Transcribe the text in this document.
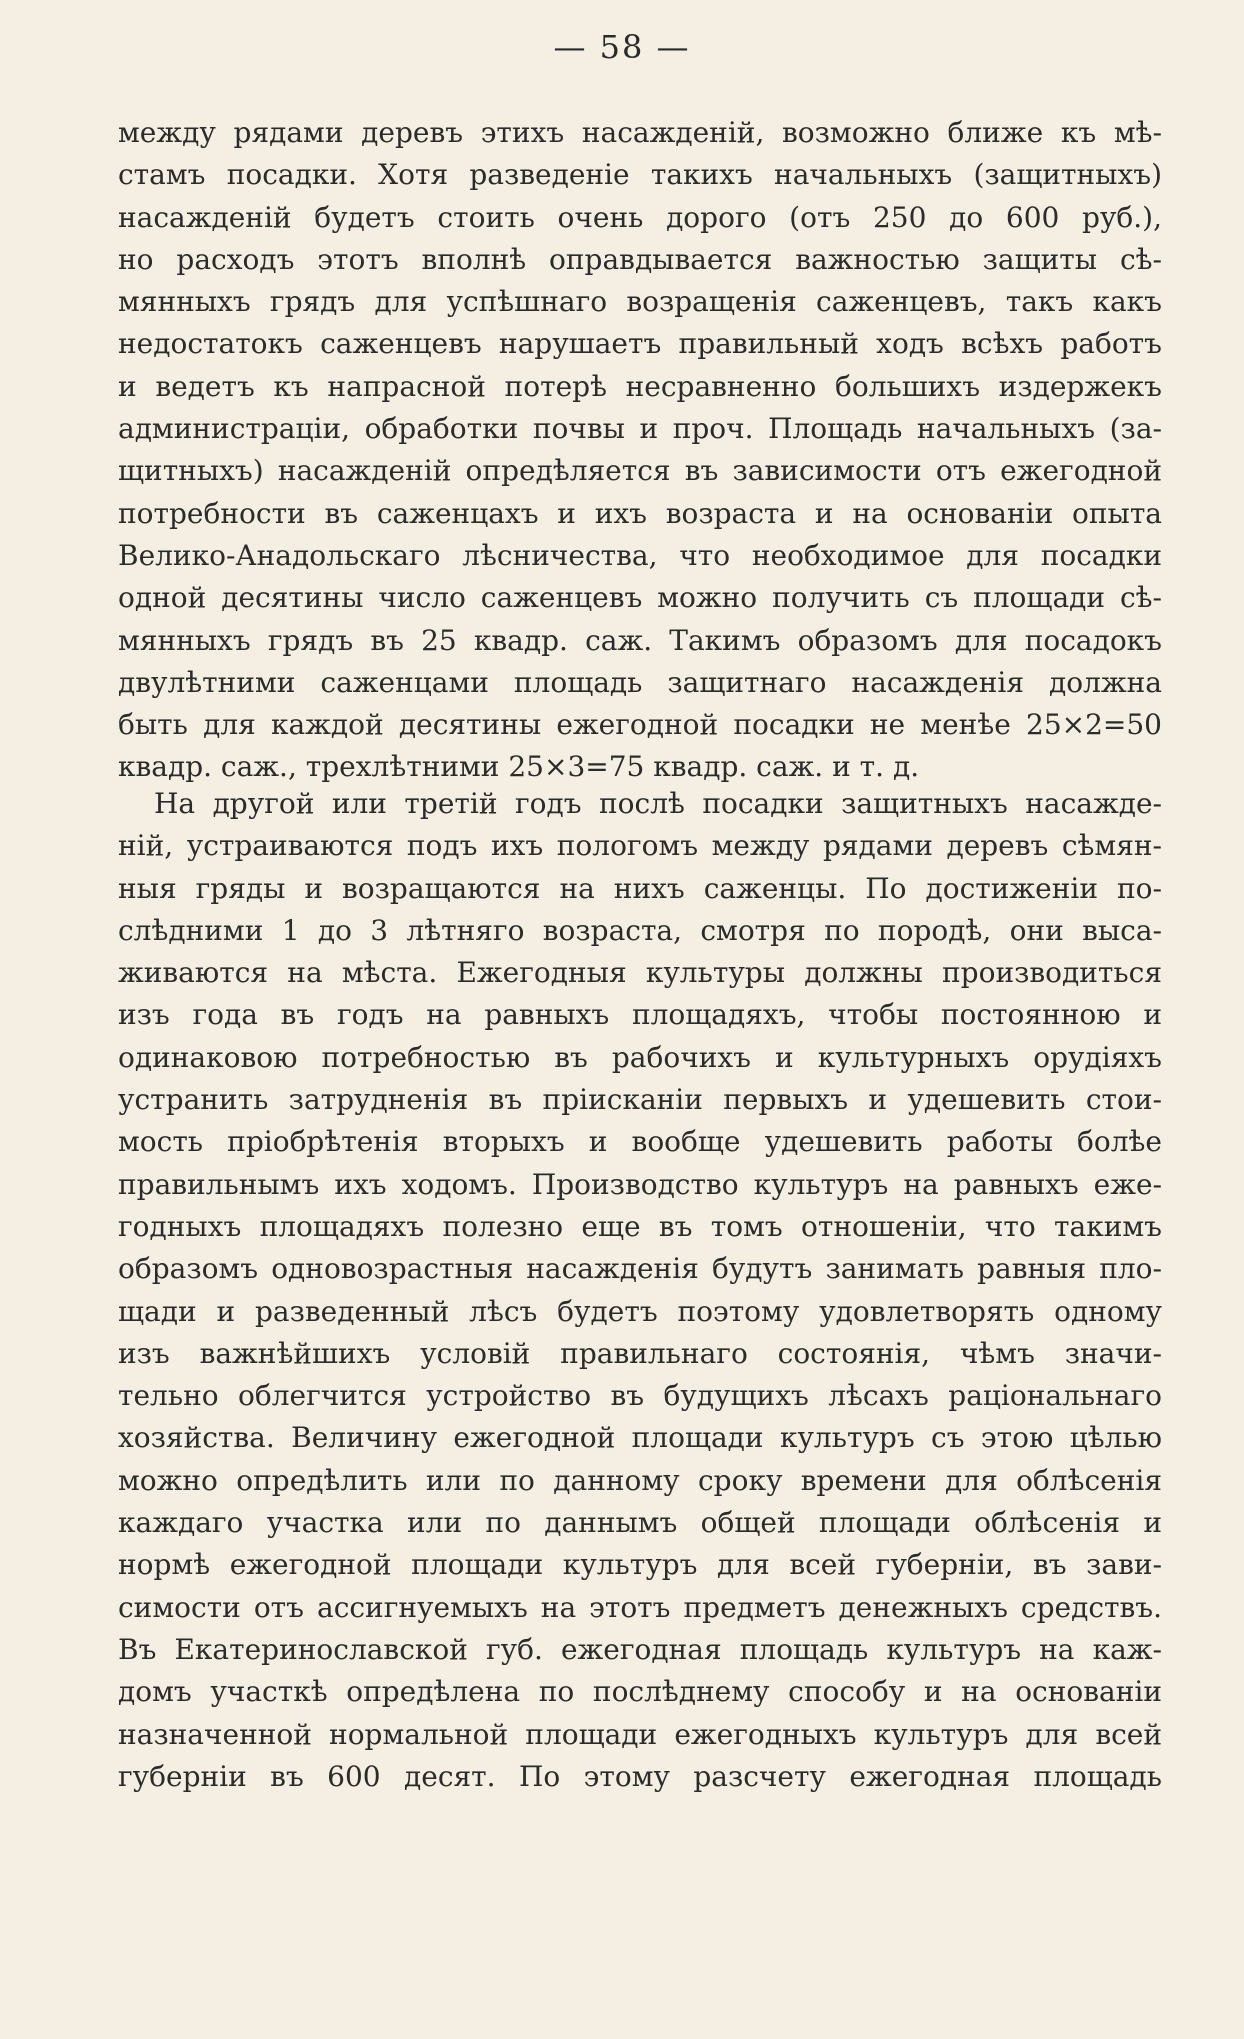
— 58 —
между рядами деревъ этихъ насажденій, возможно ближе къ мѣ-
стамъ посадки. Хотя разведеніе такихъ начальныхъ (защитныхъ)
насажденій будетъ стоить очень дорого (отъ 250 до 600 руб.),
но расходъ этотъ вполнѣ оправдывается важностью защиты сѣ-
мянныхъ грядъ для успѣшнаго возращенія саженцевъ, такъ какъ
недостатокъ саженцевъ нарушаетъ правильный ходъ всѣхъ работъ
и ведетъ къ напрасной потерѣ несравненно большихъ издержекъ
администраціи, обработки почвы и проч. Площадь начальныхъ (за-
щитныхъ) насажденій опредѣляется въ зависимости отъ ежегодной
потребности въ саженцахъ и ихъ возраста и на основаніи опыта
Велико-Анадольскаго лѣсничества, что необходимое для посадки
одной десятины число саженцевъ можно получить съ площади сѣ-
мянныхъ грядъ въ 25 квадр. саж. Такимъ образомъ для посадокъ
двулѣтними саженцами площадь защитнаго насажденія должна
быть для каждой десятины ежегодной посадки не менѣе 25×2=50
квадр. саж., трехлѣтними 25×3=75 квадр. саж. и т. д.
На другой или третій годъ послѣ посадки защитныхъ насажде-
ній, устраиваются подъ ихъ пологомъ между рядами деревъ сѣмян-
ныя гряды и возращаются на нихъ саженцы. По достиженіи по-
слѣдними 1 до 3 лѣтняго возраста, смотря по породѣ, они выса-
живаются на мѣста. Ежегодныя культуры должны производиться
изъ года въ годъ на равныхъ площадяхъ, чтобы постоянною и
одинаковою потребностью въ рабочихъ и культурныхъ орудіяхъ
устранить затрудненія въ пріисканіи первыхъ и удешевить стои-
мость пріобрѣтенія вторыхъ и вообще удешевить работы болѣе
правильнымъ ихъ ходомъ. Производство культуръ на равныхъ еже-
годныхъ площадяхъ полезно еще въ томъ отношеніи, что такимъ
образомъ одновозрастныя насажденія будутъ занимать равныя пло-
щади и разведенный лѣсъ будетъ поэтому удовлетворять одному
изъ важнѣйшихъ условій правильнаго состоянія, чѣмъ значи-
тельно облегчится устройство въ будущихъ лѣсахъ раціональнаго
хозяйства. Величину ежегодной площади культуръ съ этою цѣлью
можно опредѣлить или по данному сроку времени для облѣсенія
каждаго участка или по даннымъ общей площади облѣсенія и
нормѣ ежегодной площади культуръ для всей губерніи, въ зави-
симости отъ ассигнуемыхъ на этотъ предметъ денежныхъ средствъ.
Въ Екатеринославской губ. ежегодная площадь культуръ на каж-
домъ участкѣ опредѣлена по послѣднему способу и на основаніи
назначенной нормальной площади ежегодныхъ культуръ для всей
губерніи въ 600 десят. По этому разсчету ежегодная площадь
